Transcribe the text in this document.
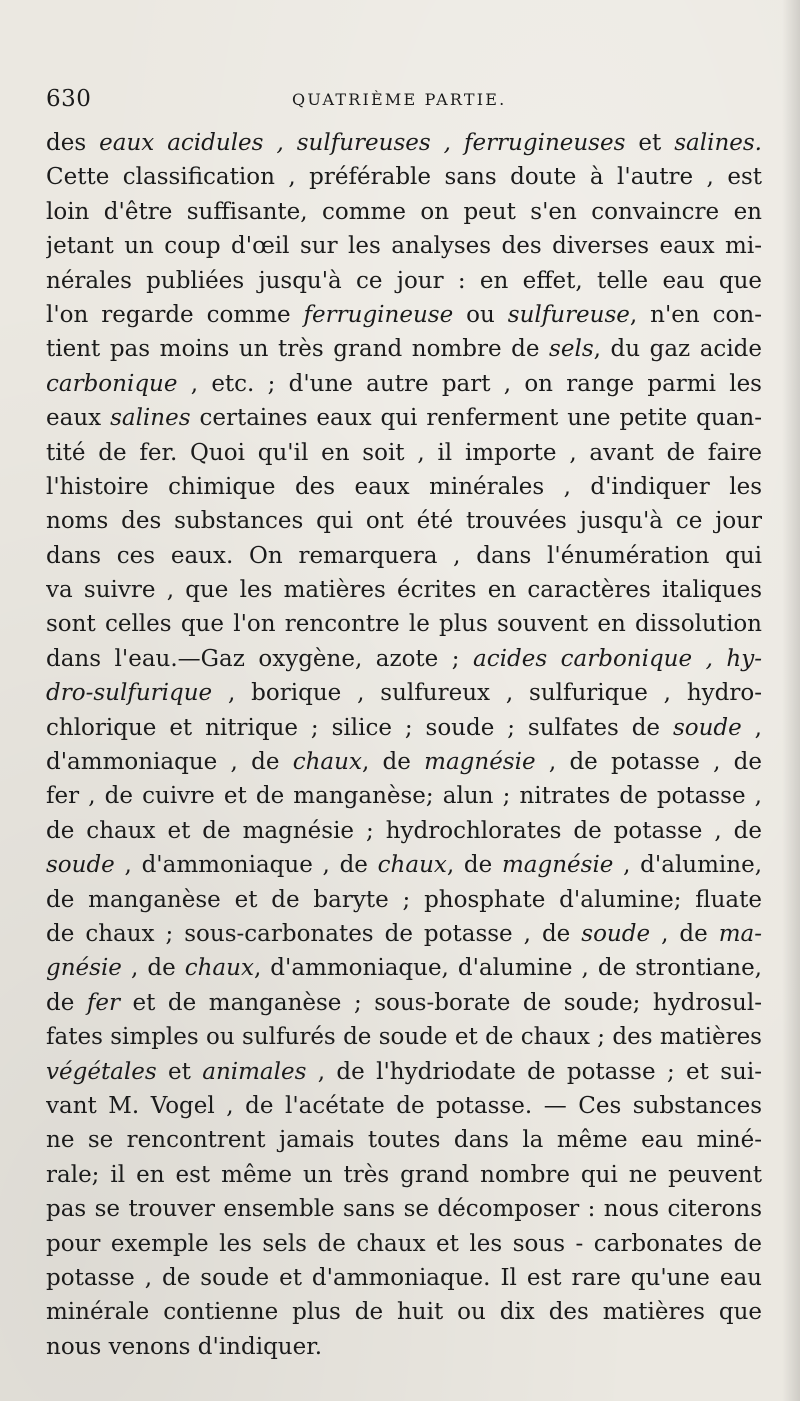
630	QUATRIÈME PARTIE.
des eaux acidules , sulfureuses , ferrugineuses et salines.
Cette classification , préférable sans doute à l'autre , est
loin d'être suffisante, comme on peut s'en convaincre en
jetant un coup d'œil sur les analyses des diverses eaux mi-
nérales publiées jusqu'à ce jour : en effet, telle eau que
l'on regarde comme ferrugineuse ou sulfureuse, n'en con-
tient pas moins un très grand nombre de sels, du gaz acide
carbonique , etc. ; d'une autre part , on range parmi les
eaux salines certaines eaux qui renferment une petite quan-
tité de fer. Quoi qu'il en soit , il importe , avant de faire
l'histoire chimique des eaux minérales , d'indiquer les
noms des substances qui ont été trouvées jusqu'à ce jour
dans ces eaux. On remarquera , dans l'énumération qui
va suivre , que les matières écrites en caractères italiques
sont celles que l'on rencontre le plus souvent en dissolution
dans l'eau.—Gaz oxygène, azote ; acides carbonique , hy-
dro-sulfurique , borique , sulfureux , sulfurique , hydro-
chlorique et nitrique ; silice ; soude ; sulfates de soude ,
d'ammoniaque , de chaux, de magnésie , de potasse , de
fer , de cuivre et de manganèse; alun ; nitrates de potasse ,
de chaux et de magnésie ; hydrochlorates de potasse , de
soude , d'ammoniaque , de chaux, de magnésie , d'alumine,
de manganèse et de baryte ; phosphate d'alumine; fluate
de chaux ; sous-carbonates de potasse , de soude , de ma-
gnésie , de chaux, d'ammoniaque, d'alumine , de strontiane,
de fer et de manganèse ; sous-borate de soude; hydrosul-
fates simples ou sulfurés de soude et de chaux ; des matières
végétales et animales , de l'hydriodate de potasse ; et sui-
vant M. Vogel , de l'acétate de potasse. — Ces substances
ne se rencontrent jamais toutes dans la même eau miné-
rale; il en est même un très grand nombre qui ne peuvent
pas se trouver ensemble sans se décomposer : nous citerons
pour exemple les sels de chaux et les sous - carbonates de
potasse , de soude et d'ammoniaque. Il est rare qu'une eau
minérale contienne plus de huit ou dix des matières que
nous venons d'indiquer.
